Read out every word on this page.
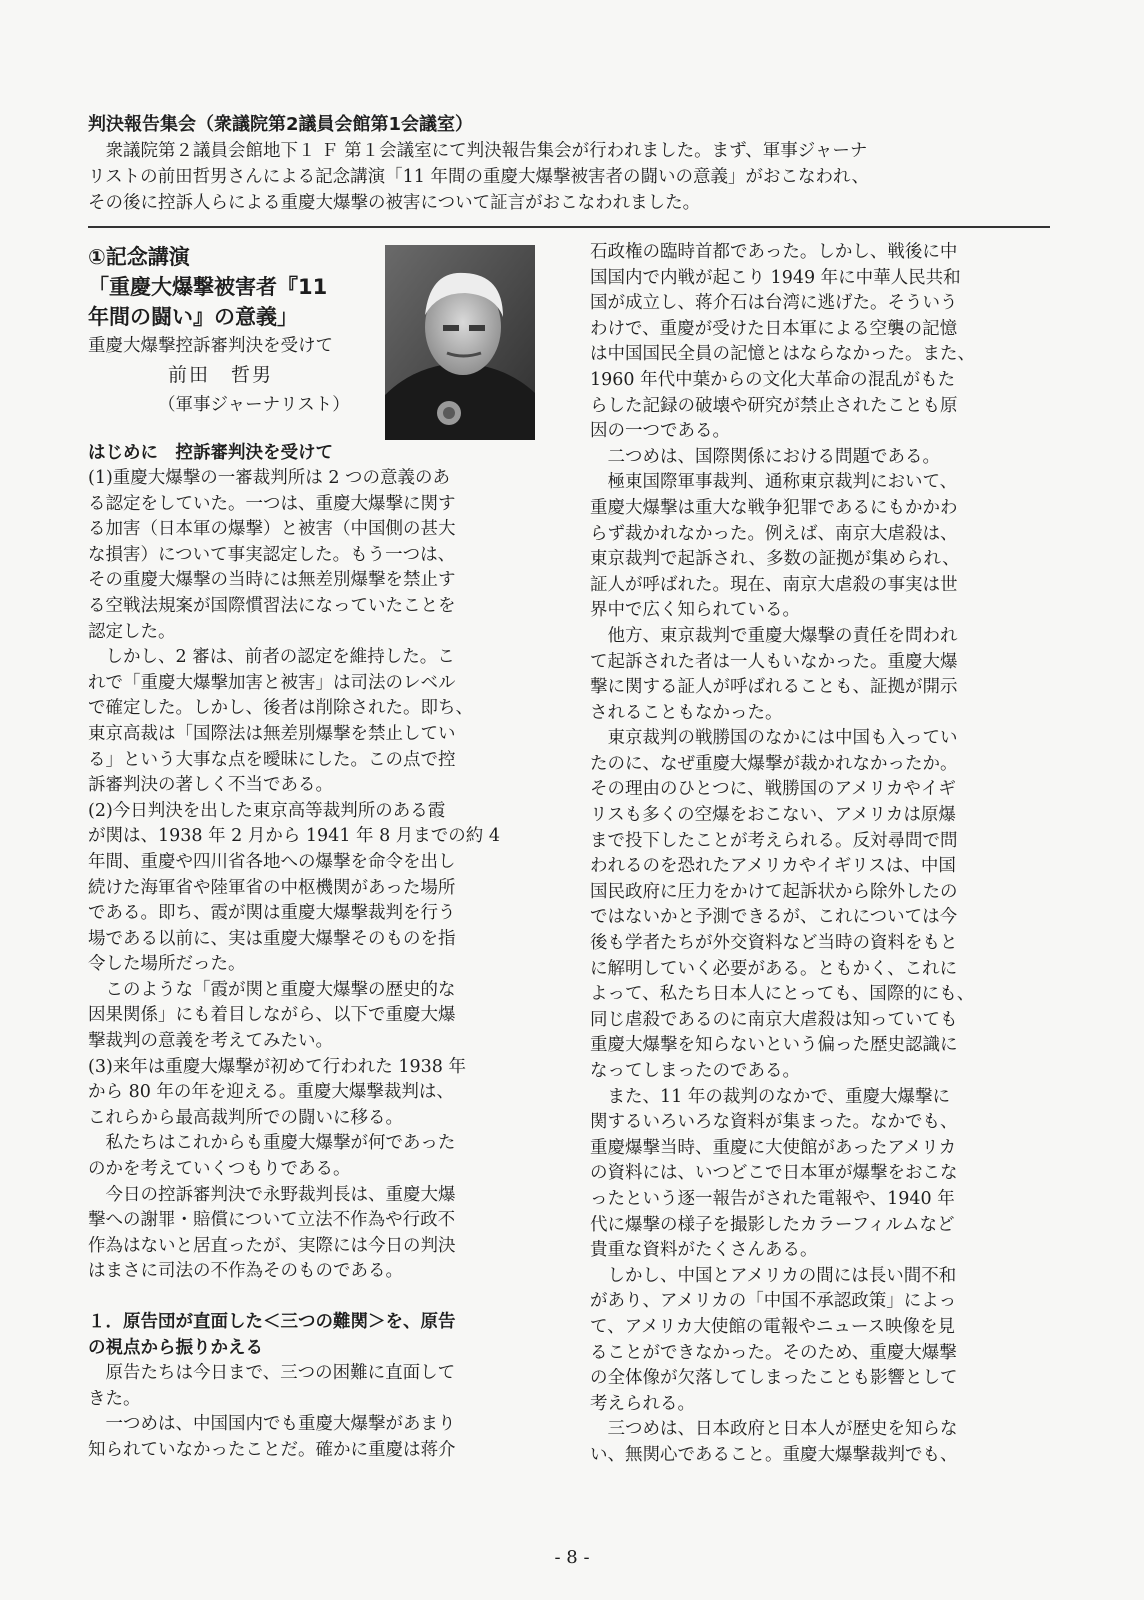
判決報告集会（衆議院第2議員会館第1会議室）

　衆議院第２議員会館地下１ Ｆ 第１会議室にて判決報告集会が行われました。まず、軍事ジャーナ
リストの前田哲男さんによる記念講演「11 年間の重慶大爆撃被害者の闘いの意義」がおこなわれ、
その後に控訴人らによる重慶大爆撃の被害について証言がおこなわれました。

①記念講演
「重慶大爆撃被害者『11
年間の闘い』の意義」
重慶大爆撃控訴審判決を受けて
前田　哲男
（軍事ジャーナリスト）
はじめに　控訴審判決を受けて

(1)重慶大爆撃の一審裁判所は 2 つの意義のあ
る認定をしていた。一つは、重慶大爆撃に関す
る加害（日本軍の爆撃）と被害（中国側の甚大
な損害）について事実認定した。もう一つは、
その重慶大爆撃の当時には無差別爆撃を禁止す
る空戦法規案が国際慣習法になっていたことを
認定した。
　しかし、2 審は、前者の認定を維持した。こ
れで「重慶大爆撃加害と被害」は司法のレベル
で確定した。しかし、後者は削除された。即ち、
東京高裁は「国際法は無差別爆撃を禁止してい
る」という大事な点を曖昧にした。この点で控
訴審判決の著しく不当である。
(2)今日判決を出した東京高等裁判所のある霞
が関は、1938 年 2 月から 1941 年 8 月までの約 4
年間、重慶や四川省各地への爆撃を命令を出し
続けた海軍省や陸軍省の中枢機関があった場所
である。即ち、霞が関は重慶大爆撃裁判を行う
場である以前に、実は重慶大爆撃そのものを指
令した場所だった。
　このような「霞が関と重慶大爆撃の歴史的な
因果関係」にも着目しながら、以下で重慶大爆
撃裁判の意義を考えてみたい。
(3)来年は重慶大爆撃が初めて行われた 1938 年
から 80 年の年を迎える。重慶大爆撃裁判は、
これらから最高裁判所での闘いに移る。
　私たちはこれからも重慶大爆撃が何であった
のかを考えていくつもりである。
　今日の控訴審判決で永野裁判長は、重慶大爆
撃への謝罪・賠償について立法不作為や行政不
作為はないと居直ったが、実際には今日の判決
はまさに司法の不作為そのものである。

１．原告団が直面した＜三つの難関＞を、原告
の視点から振りかえる

　原告たちは今日まで、三つの困難に直面して
きた。
　一つめは、中国国内でも重慶大爆撃があまり
知られていなかったことだ。確かに重慶は蒋介

石政権の臨時首都であった。しかし、戦後に中
国国内で内戦が起こり 1949 年に中華人民共和
国が成立し、蒋介石は台湾に逃げた。そういう
わけで、重慶が受けた日本軍による空襲の記憶
は中国国民全員の記憶とはならなかった。また、
1960 年代中葉からの文化大革命の混乱がもた
らした記録の破壊や研究が禁止されたことも原
因の一つである。
　二つめは、国際関係における問題である。
　極東国際軍事裁判、通称東京裁判において、
重慶大爆撃は重大な戦争犯罪であるにもかかわ
らず裁かれなかった。例えば、南京大虐殺は、
東京裁判で起訴され、多数の証拠が集められ、
証人が呼ばれた。現在、南京大虐殺の事実は世
界中で広く知られている。
　他方、東京裁判で重慶大爆撃の責任を問われ
て起訴された者は一人もいなかった。重慶大爆
撃に関する証人が呼ばれることも、証拠が開示
されることもなかった。
　東京裁判の戦勝国のなかには中国も入ってい
たのに、なぜ重慶大爆撃が裁かれなかったか。
その理由のひとつに、戦勝国のアメリカやイギ
リスも多くの空爆をおこない、アメリカは原爆
まで投下したことが考えられる。反対尋問で問
われるのを恐れたアメリカやイギリスは、中国
国民政府に圧力をかけて起訴状から除外したの
ではないかと予測できるが、これについては今
後も学者たちが外交資料など当時の資料をもと
に解明していく必要がある。ともかく、これに
よって、私たち日本人にとっても、国際的にも、
同じ虐殺であるのに南京大虐殺は知っていても
重慶大爆撃を知らないという偏った歴史認識に
なってしまったのである。
　また、11 年の裁判のなかで、重慶大爆撃に
関するいろいろな資料が集まった。なかでも、
重慶爆撃当時、重慶に大使館があったアメリカ
の資料には、いつどこで日本軍が爆撃をおこな
ったという逐一報告がされた電報や、1940 年
代に爆撃の様子を撮影したカラーフィルムなど
貴重な資料がたくさんある。
　しかし、中国とアメリカの間には長い間不和
があり、アメリカの「中国不承認政策」によっ
て、アメリカ大使館の電報やニュース映像を見
ることができなかった。そのため、重慶大爆撃
の全体像が欠落してしまったことも影響として
考えられる。
　三つめは、日本政府と日本人が歴史を知らな
い、無関心であること。重慶大爆撃裁判でも、

- 8 -
